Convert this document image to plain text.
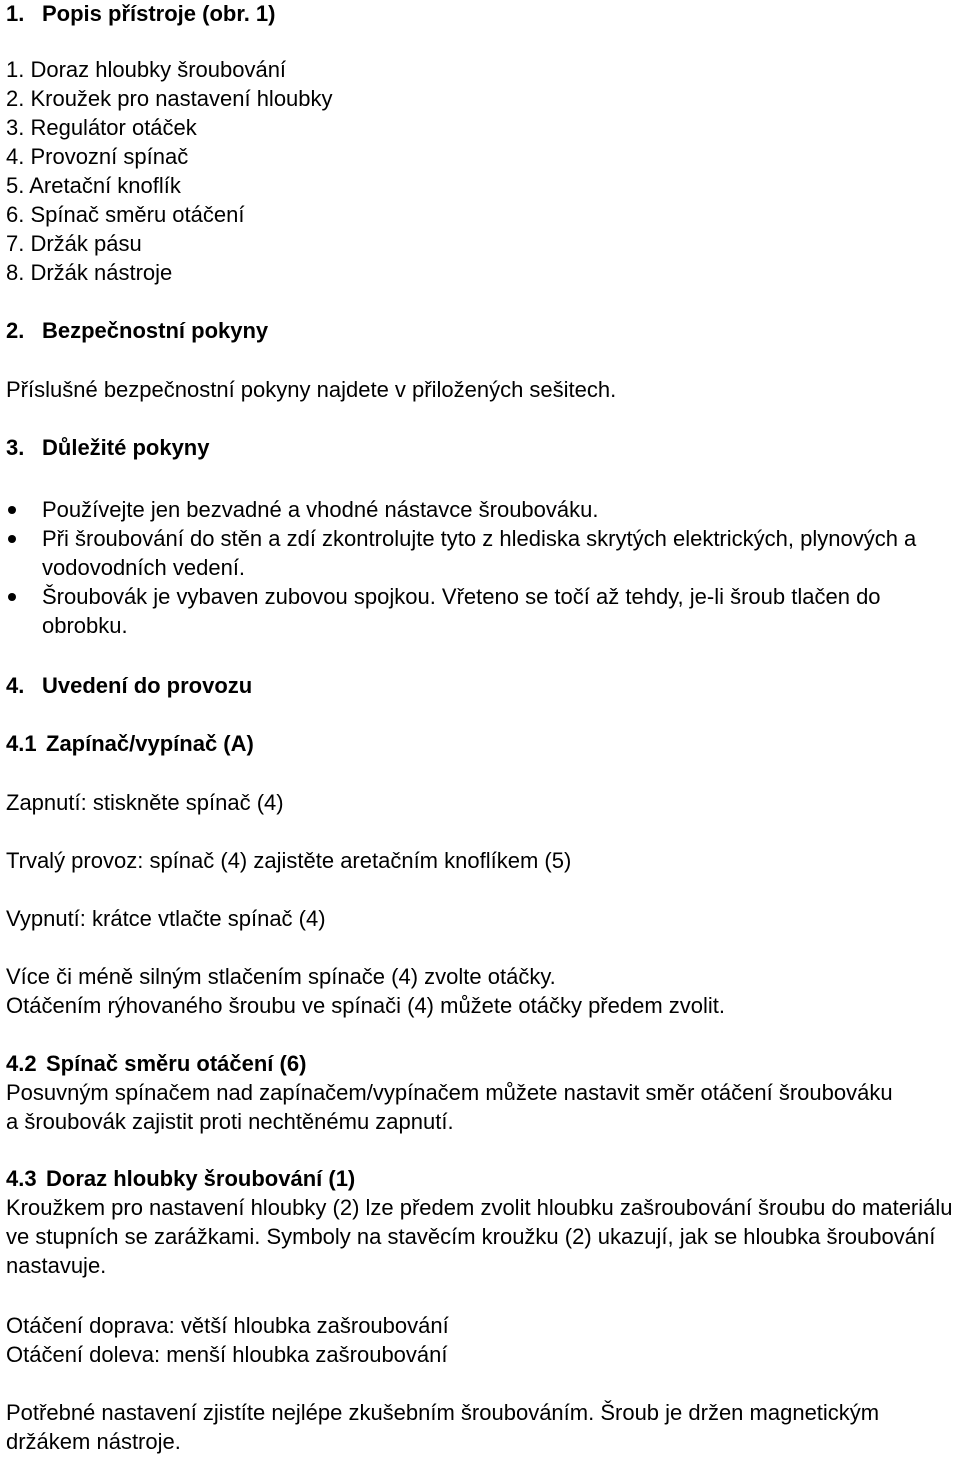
1. Popis přístroje (obr. 1)
1. Doraz hloubky šroubování
2. Kroužek pro nastavení hloubky
3. Regulátor otáček
4. Provozní spínač
5. Aretační knoflík
6. Spínač směru otáčení
7. Držák pásu
8. Držák nástroje
2. Bezpečnostní pokyny
Příslušné bezpečnostní pokyny najdete v přiložených sešitech.
3. Důležité pokyny
Používejte jen bezvadné a vhodné nástavce šroubováku.
Při šroubování do stěn a zdí zkontrolujte tyto z hlediska skrytých elektrických, plynových a vodovodních vedení.
Šroubovák je vybaven zubovou spojkou. Vřeteno se točí až tehdy, je-li šroub tlačen do obrobku.
4. Uvedení do provozu
4.1 Zapínač/vypínač (A)
Zapnutí: stiskněte spínač (4)
Trvalý provoz: spínač (4) zajistěte aretačním knoflíkem (5)
Vypnutí: krátce vtlačte spínač (4)
Více či méně silným stlačením spínače (4) zvolte otáčky.
Otáčením rýhovaného šroubu ve spínači (4) můžete otáčky předem zvolit.
4.2 Spínač směru otáčení (6)
Posuvným spínačem nad zapínačem/vypínačem můžete nastavit směr otáčení šroubováku a šroubovák zajistit proti nechtěnému zapnutí.
4.3 Doraz hloubky šroubování (1)
Kroužkem pro nastavení hloubky (2) lze předem zvolit hloubku zašroubování šroubu do materiálu ve stupních se zarážkami. Symboly na stavěcím kroužku (2) ukazují, jak se hloubka šroubování nastavuje.
Otáčení doprava: větší hloubka zašroubování
Otáčení doleva: menší hloubka zašroubování
Potřebné nastavení zjistíte nejlépe zkušebním šroubováním. Šroub je držen magnetickým držákem nástroje.
